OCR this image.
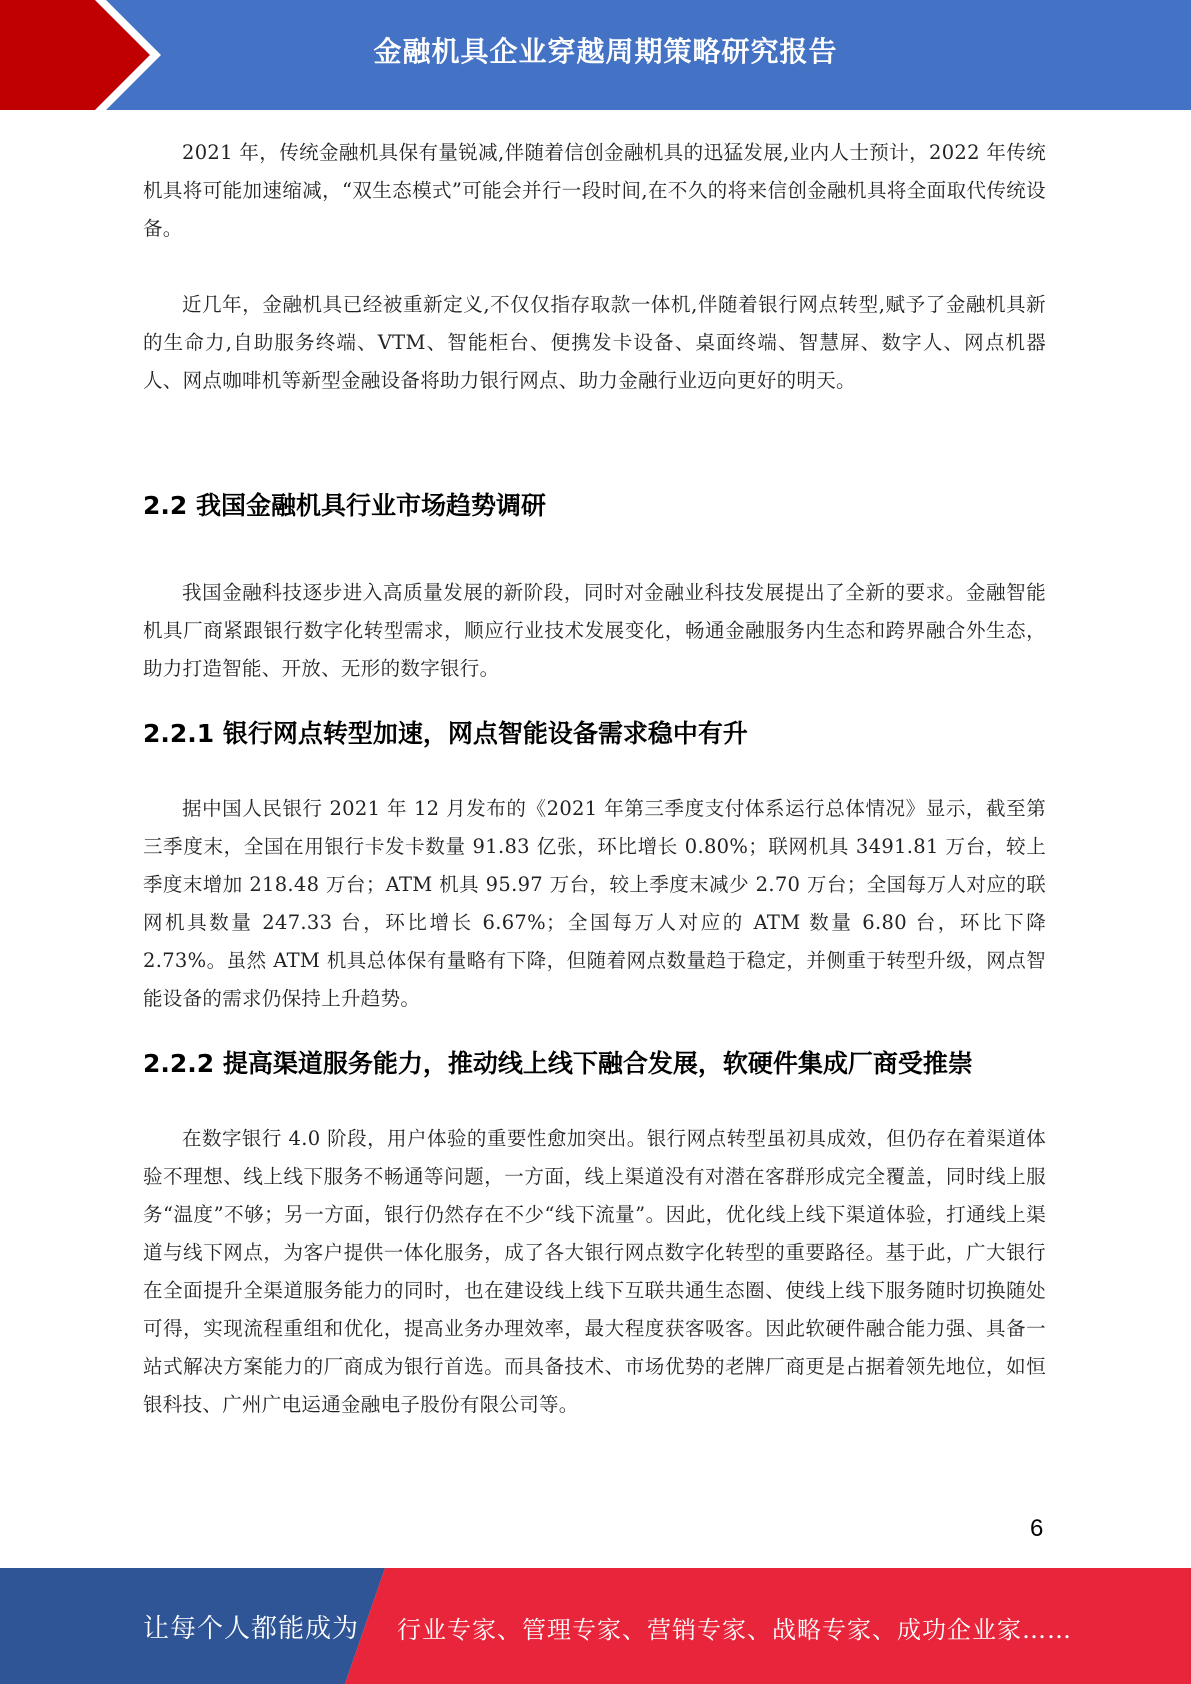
金融机具企业穿越周期策略研究报告

2021 年，传统金融机具保有量锐减,伴随着信创金融机具的迅猛发展,业内人士预计，2022 年传统机具将可能加速缩减，“双生态模式”可能会并行一段时间,在不久的将来信创金融机具将全面取代传统设备。

近几年，金融机具已经被重新定义,不仅仅指存取款一体机,伴随着银行网点转型,赋予了金融机具新的生命力,自助服务终端、VTM、智能柜台、便携发卡设备、桌面终端、智慧屏、数字人、网点机器人、网点咖啡机等新型金融设备将助力银行网点、助力金融行业迈向更好的明天。

2.2 我国金融机具行业市场趋势调研

我国金融科技逐步进入高质量发展的新阶段，同时对金融业科技发展提出了全新的要求。金融智能机具厂商紧跟银行数字化转型需求，顺应行业技术发展变化，畅通金融服务内生态和跨界融合外生态，助力打造智能、开放、无形的数字银行。

2.2.1 银行网点转型加速，网点智能设备需求稳中有升

据中国人民银行 2021 年 12 月发布的《2021 年第三季度支付体系运行总体情况》显示，截至第三季度末，全国在用银行卡发卡数量 91.83 亿张，环比增长 0.80%；联网机具 3491.81 万台，较上季度末增加 218.48 万台；ATM 机具 95.97 万台，较上季度末减少 2.70 万台；全国每万人对应的联网机具数量 247.33 台，环比增长 6.67%；全国每万人对应的 ATM 数量 6.80 台，环比下降 2.73%。虽然 ATM 机具总体保有量略有下降，但随着网点数量趋于稳定，并侧重于转型升级，网点智能设备的需求仍保持上升趋势。

2.2.2 提高渠道服务能力，推动线上线下融合发展，软硬件集成厂商受推崇

在数字银行 4.0 阶段，用户体验的重要性愈加突出。银行网点转型虽初具成效，但仍存在着渠道体验不理想、线上线下服务不畅通等问题，一方面，线上渠道没有对潜在客群形成完全覆盖，同时线上服务“温度”不够；另一方面，银行仍然存在不少“线下流量”。因此，优化线上线下渠道体验，打通线上渠道与线下网点，为客户提供一体化服务，成了各大银行网点数字化转型的重要路径。基于此，广大银行在全面提升全渠道服务能力的同时，也在建设线上线下互联共通生态圈、使线上线下服务随时切换随处可得，实现流程重组和优化，提高业务办理效率，最大程度获客吸客。因此软硬件融合能力强、具备一站式解决方案能力的厂商成为银行首选。而具备技术、市场优势的老牌厂商更是占据着领先地位，如恒银科技、广州广电运通金融电子股份有限公司等。

6
让每个人都能成为 行业专家、管理专家、营销专家、战略专家、成功企业家……
